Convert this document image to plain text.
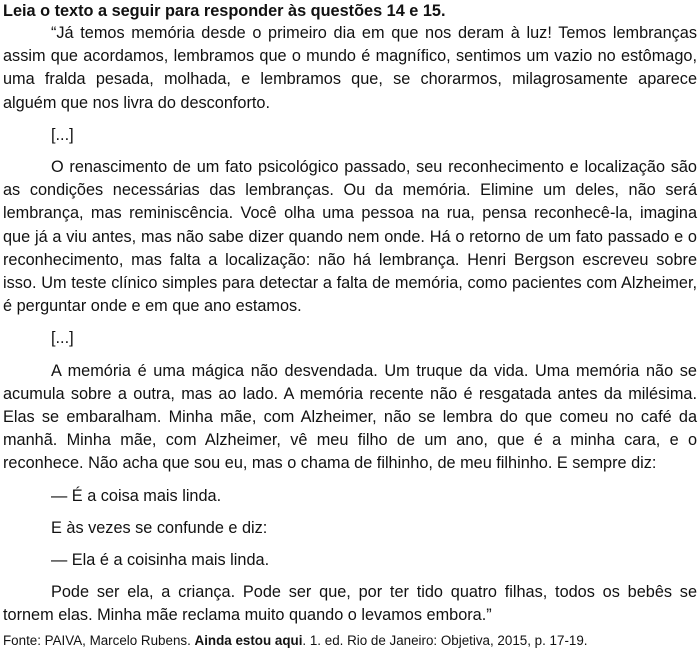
Leia o texto a seguir para responder às questões 14 e 15.

“Já temos memória desde o primeiro dia em que nos deram à luz! Temos lembranças assim que acordamos, lembramos que o mundo é magnífico, sentimos um vazio no estômago, uma fralda pesada, molhada, e lembramos que, se chorarmos, milagrosamente aparece alguém que nos livra do desconforto.

[...]

O renascimento de um fato psicológico passado, seu reconhecimento e localização são as condições necessárias das lembranças. Ou da memória. Elimine um deles, não será lembrança, mas reminiscência. Você olha uma pessoa na rua, pensa reconhecê-la, imagina que já a viu antes, mas não sabe dizer quando nem onde. Há o retorno de um fato passado e o reconhecimento, mas falta a localização: não há lembrança. Henri Bergson escreveu sobre isso. Um teste clínico simples para detectar a falta de memória, como pacientes com Alzheimer, é perguntar onde e em que ano estamos.

[...]

A memória é uma mágica não desvendada. Um truque da vida. Uma memória não se acumula sobre a outra, mas ao lado. A memória recente não é resgatada antes da milésima. Elas se embaralham. Minha mãe, com Alzheimer, não se lembra do que comeu no café da manhã. Minha mãe, com Alzheimer, vê meu filho de um ano, que é a minha cara, e o reconhece. Não acha que sou eu, mas o chama de filhinho, de meu filhinho. E sempre diz:

— É a coisa mais linda.

E às vezes se confunde e diz:

— Ela é a coisinha mais linda.

Pode ser ela, a criança. Pode ser que, por ter tido quatro filhas, todos os bebês se tornem elas. Minha mãe reclama muito quando o levamos embora.”

Fonte: PAIVA, Marcelo Rubens. Ainda estou aqui. 1. ed. Rio de Janeiro: Objetiva, 2015, p. 17-19.
